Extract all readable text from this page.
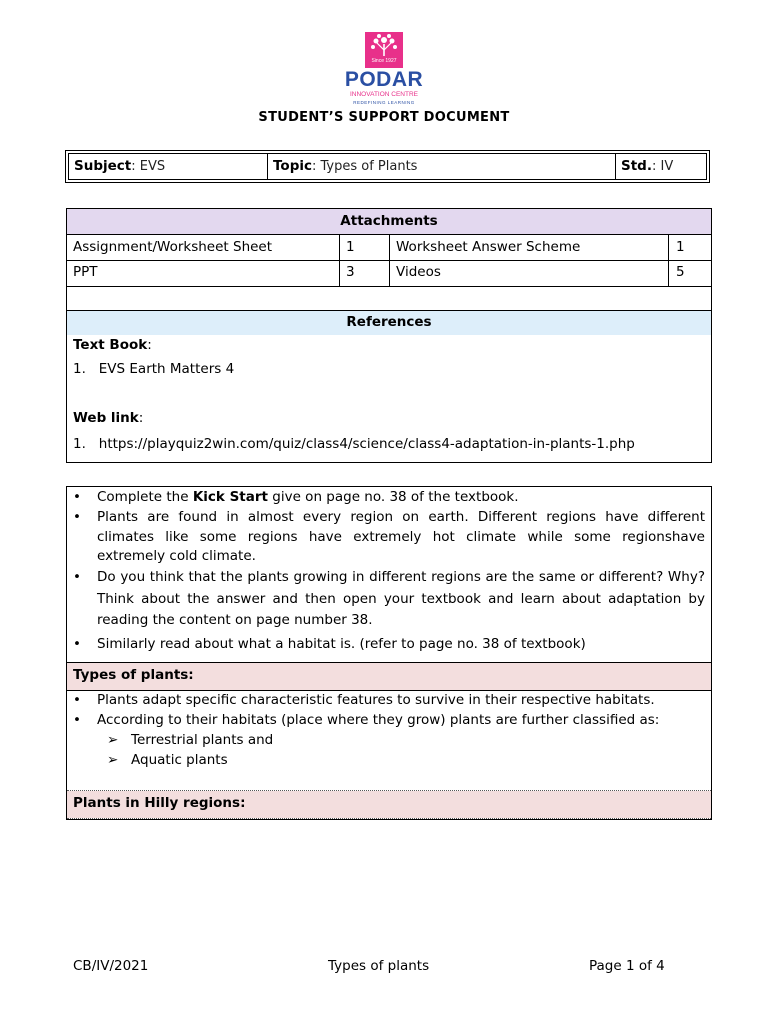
Since 1927
PODAR
INNOVATION CENTRE
REDEFINING LEARNING
STUDENT’S SUPPORT DOCUMENT
Subject: EVS	Topic: Types of Plants	Std.: IV
Attachments
Assignment/Worksheet Sheet	1	Worksheet Answer Scheme	1
PPT	3	Videos	5
References
Text Book:
1. EVS Earth Matters 4
Web link:
1. https://playquiz2win.com/quiz/class4/science/class4-adaptation-in-plants-1.php
• Complete the Kick Start give on page no. 38 of the textbook.
• Plants are found in almost every region on earth. Different regions have different climates like some regions have extremely hot climate while some regionshave extremely cold climate.
• Do you think that the plants growing in different regions are the same or different? Why? Think about the answer and then open your textbook and learn about adaptation by reading the content on page number 38.
• Similarly read about what a habitat is. (refer to page no. 38 of textbook)
Types of plants:
• Plants adapt specific characteristic features to survive in their respective habitats.
• According to their habitats (place where they grow) plants are further classified as:
➢ Terrestrial plants and
➢ Aquatic plants
Plants in Hilly regions:
CB/IV/2021	Types of plants	Page 1 of 4
